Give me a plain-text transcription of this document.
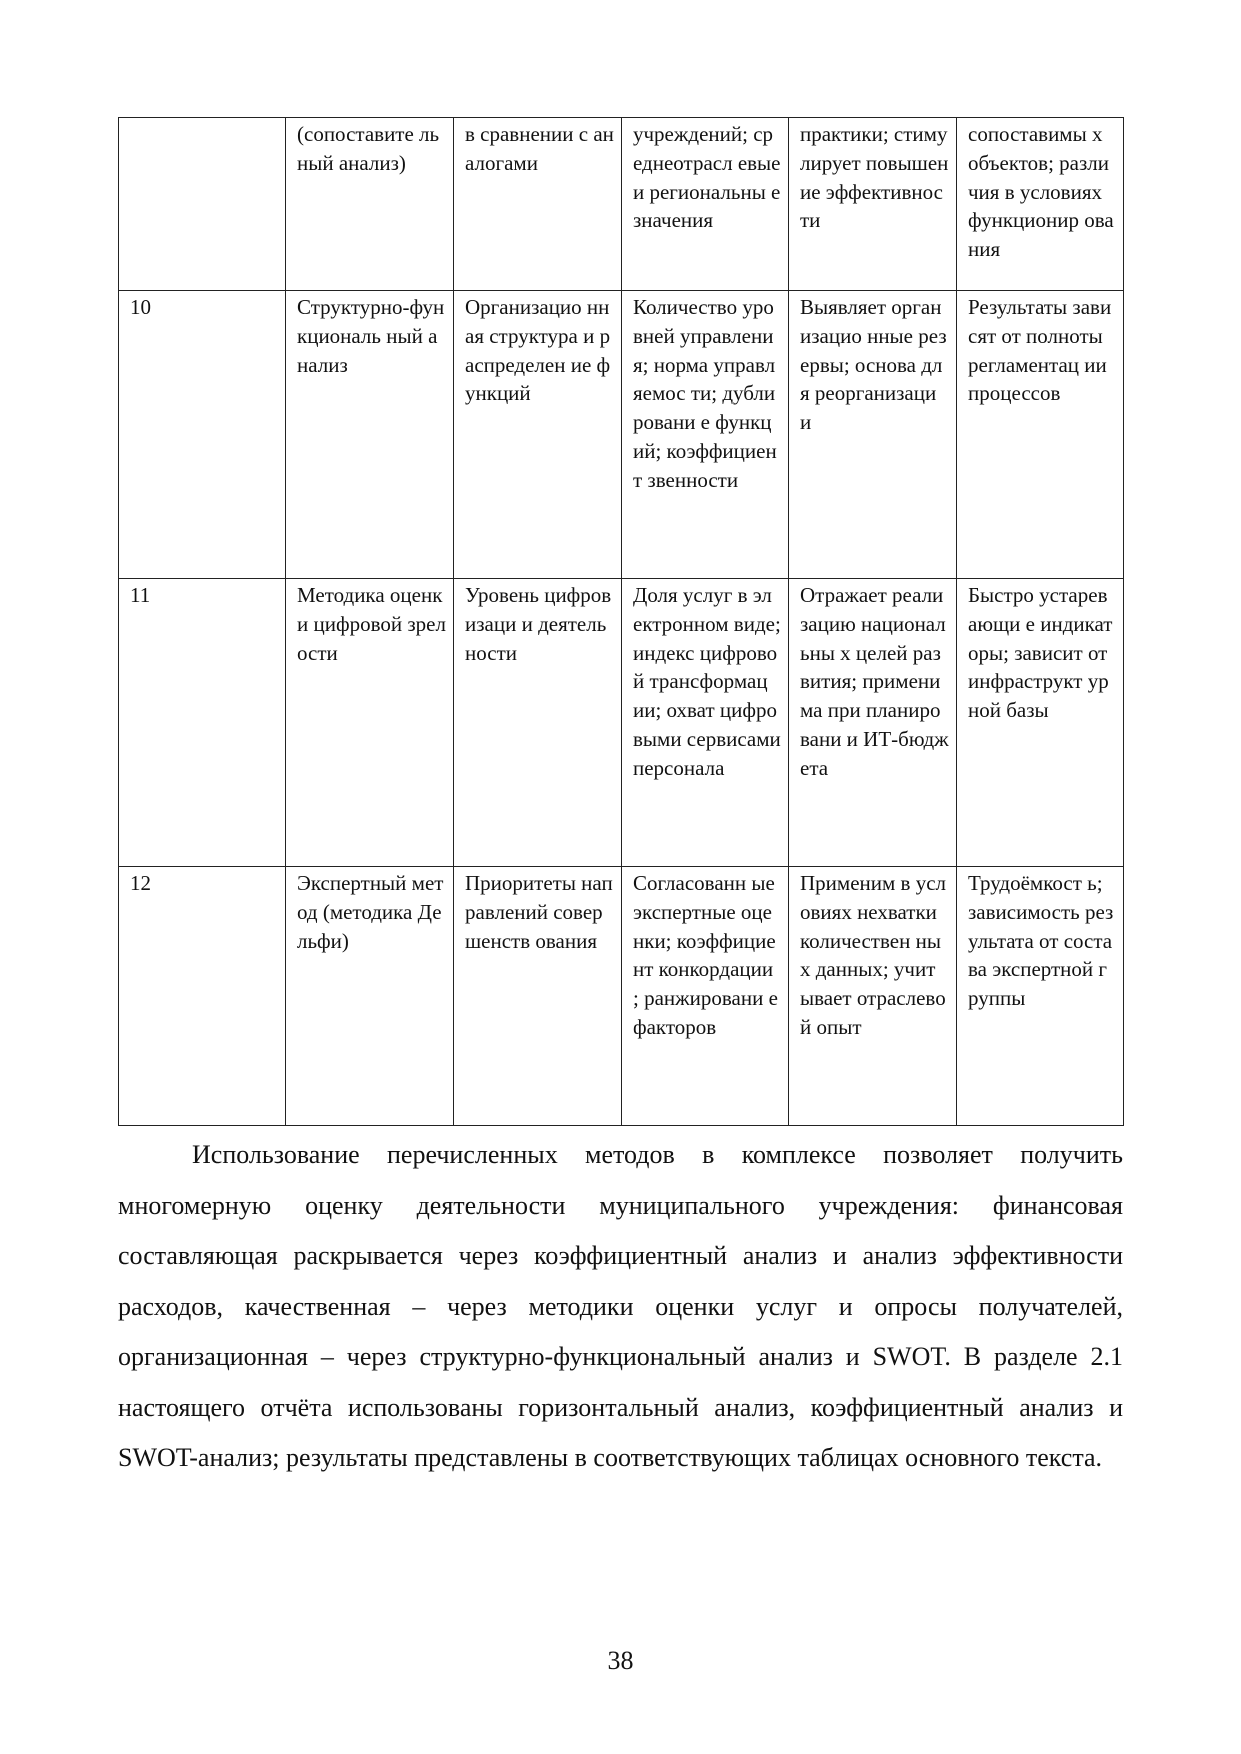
	(сопоставите льный анализ)	в сравнении с аналогами	учреждений; среднеотрасл евые и региональны е значения	практики; стимулирует повышение эффективнос ти	сопоставимы х объектов; различия в условиях функционир ования
10	Структурно-функциональ ный анализ	Организацио нная структура и распределен ие функций	Количество уровней управления; норма управляемос ти; дублировани е функций; коэффициент звенности	Выявляет организацио нные резервы; основа для реорганизаци и	Результаты зависят от полноты регламентац ии процессов
11	Методика оценки цифровой зрелости	Уровень цифровизаци и деятельности	Доля услуг в электронном виде; индекс цифровой трансформац ии; охват цифровыми сервисами персонала	Отражает реализацию национальны х целей развития; применима при планировани и ИТ-бюджета	Быстро устаревающи е индикаторы; зависит от инфраструкт урной базы
12	Экспертный метод (методика Дельфи)	Приоритеты направлений совершенств ования	Согласованн ые экспертные оценки; коэффициент конкордации ; ранжировани е факторов	Применим в условиях нехватки количествен ных данных; учитывает отраслевой опыт	Трудоёмкост ь; зависимость результата от состава экспертной группы

Использование перечисленных методов в комплексе позволяет получить многомерную оценку деятельности муниципального учреждения: финансовая составляющая раскрывается через коэффициентный анализ и анализ эффективности расходов, качественная – через методики оценки услуг и опросы получателей, организационная – через структурно-функциональный анализ и SWOT. В разделе 2.1 настоящего отчёта использованы горизонтальный анализ, коэффициентный анализ и SWOT-анализ; результаты представлены в соответствующих таблицах основного текста.

38
